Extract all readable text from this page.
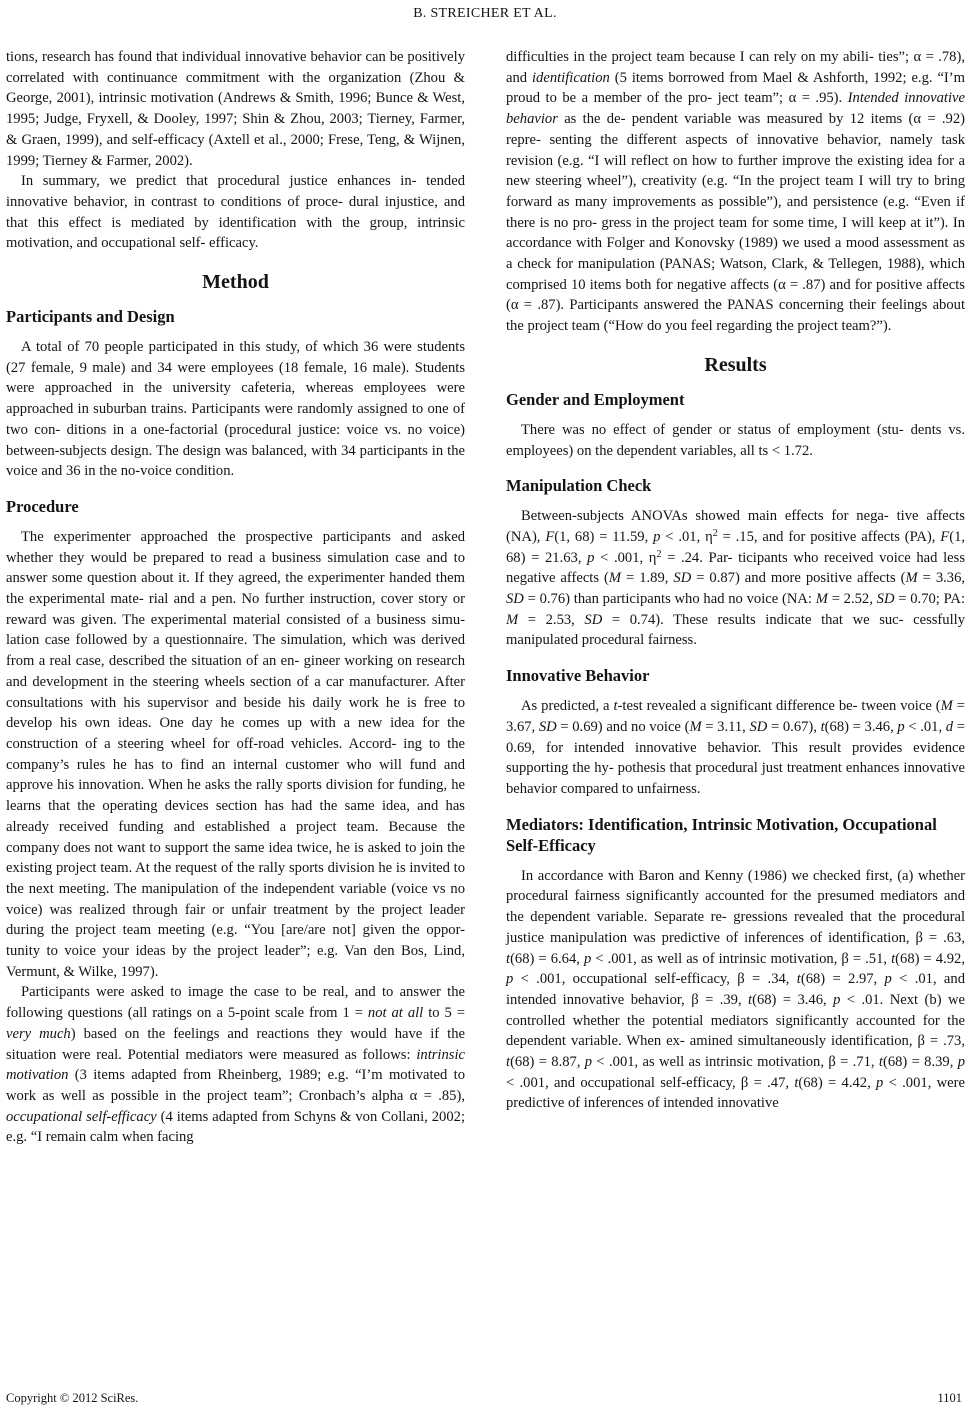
B. STREICHER ET AL.

tions, research has found that individual innovative behavior can be positively correlated with continuance commitment with the organization (Zhou & George, 2001), intrinsic motivation (Andrews & Smith, 1996; Bunce & West, 1995; Judge, Fryxell, & Dooley, 1997; Shin & Zhou, 2003; Tierney, Farmer, & Graen, 1999), and self-efficacy (Axtell et al., 2000; Frese, Teng, & Wijnen, 1999; Tierney & Farmer, 2002).

In summary, we predict that procedural justice enhances in- tended innovative behavior, in contrast to conditions of proce- dural injustice, and that this effect is mediated by identification with the group, intrinsic motivation, and occupational self- efficacy.

Method
Participants and Design

A total of 70 people participated in this study, of which 36 were students (27 female, 9 male) and 34 were employees (18 female, 16 male). Students were approached in the university cafeteria, whereas employees were approached in suburban trains. Participants were randomly assigned to one of two con- ditions in a one-factorial (procedural justice: voice vs. no voice) between-subjects design. The design was balanced, with 34 participants in the voice and 36 in the no-voice condition.

Procedure

The experimenter approached the prospective participants and asked whether they would be prepared to read a business simulation case and to answer some question about it. If they agreed, the experimenter handed them the experimental mate- rial and a pen. No further instruction, cover story or reward was given. The experimental material consisted of a business simu- lation case followed by a questionnaire. The simulation, which was derived from a real case, described the situation of an en- gineer working on research and development in the steering wheels section of a car manufacturer. After consultations with his supervisor and beside his daily work he is free to develop his own ideas. One day he comes up with a new idea for the construction of a steering wheel for off-road vehicles. Accord- ing to the company’s rules he has to find an internal customer who will fund and approve his innovation. When he asks the rally sports division for funding, he learns that the operating devices section has had the same idea, and has already received funding and established a project team. Because the company does not want to support the same idea twice, he is asked to join the existing project team. At the request of the rally sports division he is invited to the next meeting. The manipulation of the independent variable (voice vs no voice) was realized through fair or unfair treatment by the project leader during the project team meeting (e.g. “You [are/are not] given the oppor- tunity to voice your ideas by the project leader”; e.g. Van den Bos, Lind, Vermunt, & Wilke, 1997).

Participants were asked to image the case to be real, and to answer the following questions (all ratings on a 5-point scale from 1 = not at all to 5 = very much) based on the feelings and reactions they would have if the situation were real. Potential mediators were measured as follows: intrinsic motivation (3 items adapted from Rheinberg, 1989; e.g. “I’m motivated to work as well as possible in the project team”; Cronbach’s alpha α = .85), occupational self-efficacy (4 items adapted from Schyns & von Collani, 2002; e.g. “I remain calm when facing

difficulties in the project team because I can rely on my abili- ties”; α = .78), and identification (5 items borrowed from Mael & Ashforth, 1992; e.g. “I’m proud to be a member of the pro- ject team”; α = .95). Intended innovative behavior as the de- pendent variable was measured by 12 items (α = .92) repre- senting the different aspects of innovative behavior, namely task revision (e.g. “I will reflect on how to further improve the existing idea for a new steering wheel”), creativity (e.g. “In the project team I will try to bring forward as many improvements as possible”), and persistence (e.g. “Even if there is no pro- gress in the project team for some time, I will keep at it”). In accordance with Folger and Konovsky (1989) we used a mood assessment as a check for manipulation (PANAS; Watson, Clark, & Tellegen, 1988), which comprised 10 items both for negative affects (α = .87) and for positive affects (α = .87). Participants answered the PANAS concerning their feelings about the project team (“How do you feel regarding the project team?”).

Results
Gender and Employment

There was no effect of gender or status of employment (stu- dents vs. employees) on the dependent variables, all ts < 1.72.

Manipulation Check

Between-subjects ANOVAs showed main effects for nega- tive affects (NA), F(1, 68) = 11.59, p < .01, $\eta^2 = .15$, and for positive affects (PA), F(1, 68) = 21.63, p < .001, $\eta^2 = .24$. Par- ticipants who received voice had less negative affects (M = 1.89, SD = 0.87) and more positive affects (M = 3.36, SD = 0.76) than participants who had no voice (NA: M = 2.52, SD = 0.70; PA: M = 2.53, SD = 0.74). These results indicate that we suc- cessfully manipulated procedural fairness.

Innovative Behavior

As predicted, a t-test revealed a significant difference be- tween voice (M = 3.67, SD = 0.69) and no voice (M = 3.11, SD = 0.67), t(68) = 3.46, p < .01, d = 0.69, for intended innovative behavior. This result provides evidence supporting the hy- pothesis that procedural just treatment enhances innovative behavior compared to unfairness.

Mediators: Identification, Intrinsic Motivation, Occupational Self-Efficacy

In accordance with Baron and Kenny (1986) we checked first, (a) whether procedural fairness significantly accounted for the presumed mediators and the dependent variable. Separate re- gressions revealed that the procedural justice manipulation was predictive of inferences of identification, β = .63, t(68) = 6.64, p < .001, as well as of intrinsic motivation, β = .51, t(68) = 4.92, p < .001, occupational self-efficacy, β = .34, t(68) = 2.97, p < .01, and intended innovative behavior, β = .39, t(68) = 3.46, p < .01. Next (b) we controlled whether the potential mediators significantly accounted for the dependent variable. When ex- amined simultaneously identification, β = .73, t(68) = 8.87, p < .001, as well as intrinsic motivation, β = .71, t(68) = 8.39, p < .001, and occupational self-efficacy, β = .47, t(68) = 4.42, p < .001, were predictive of inferences of intended innovative

Copyright © 2012 SciRes.	1101
